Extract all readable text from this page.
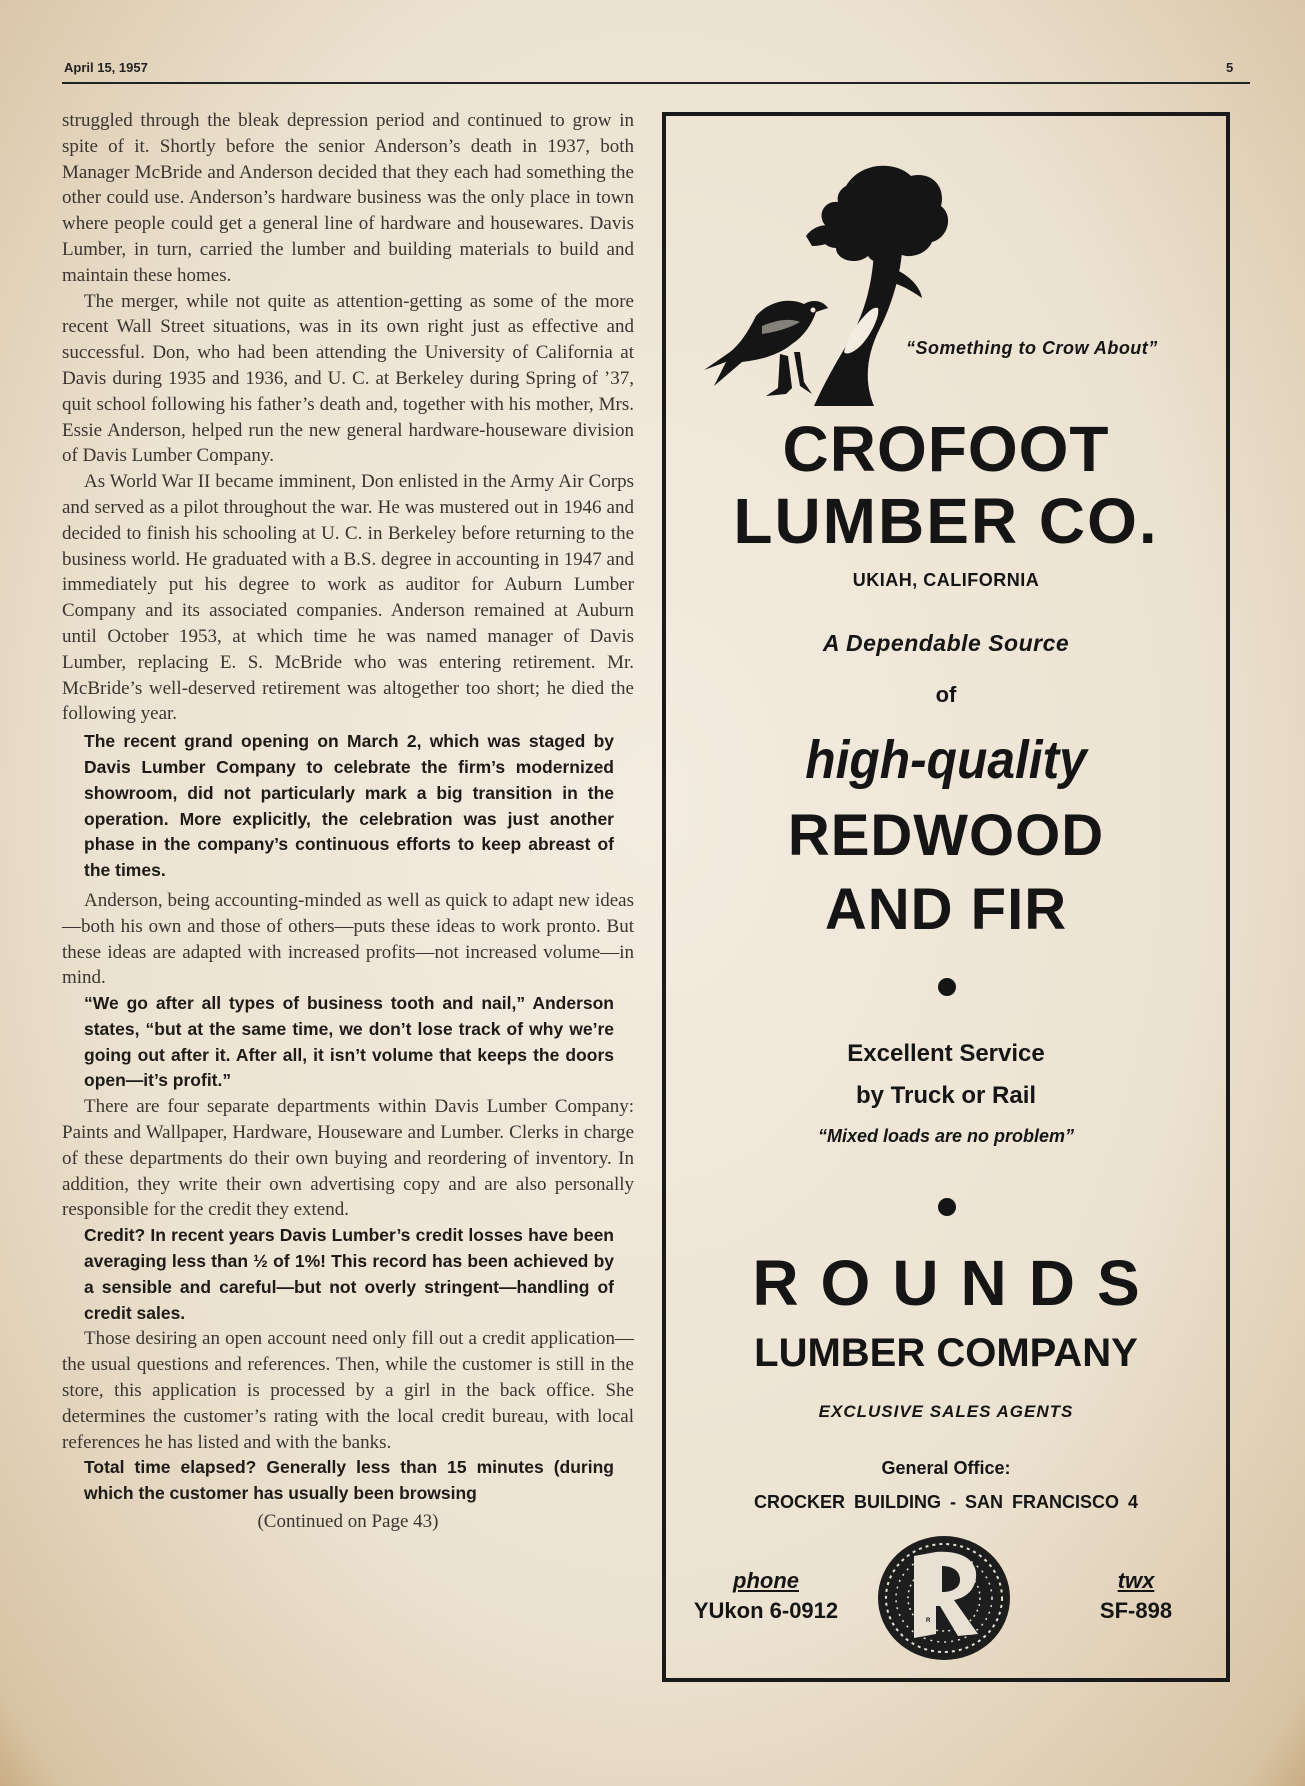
April 15, 1957	5

struggled through the bleak depression period and continued to grow in spite of it. Shortly before the senior Anderson’s death in 1937, both Manager McBride and Anderson decided that they each had something the other could use. Anderson’s hardware business was the only place in town where people could get a general line of hardware and housewares. Davis Lumber, in turn, carried the lumber and building materials to build and maintain these homes.

The merger, while not quite as attention-getting as some of the more recent Wall Street situations, was in its own right just as effective and successful. Don, who had been attending the University of California at Davis during 1935 and 1936, and U. C. at Berkeley during Spring of ’37, quit school following his father’s death and, together with his mother, Mrs. Essie Anderson, helped run the new general hardware-houseware division of Davis Lumber Company.

As World War II became imminent, Don enlisted in the Army Air Corps and served as a pilot throughout the war. He was mustered out in 1946 and decided to finish his schooling at U. C. in Berkeley before returning to the business world. He graduated with a B.S. degree in accounting in 1947 and immediately put his degree to work as auditor for Auburn Lumber Company and its associated companies. Anderson remained at Auburn until October 1953, at which time he was named manager of Davis Lumber, replacing E. S. McBride who was entering retirement. Mr. McBride’s well-deserved retirement was altogether too short; he died the following year.

The recent grand opening on March 2, which was staged by Davis Lumber Company to celebrate the firm’s modernized showroom, did not particularly mark a big transition in the operation. More explicitly, the celebration was just another phase in the company’s continuous efforts to keep abreast of the times.

Anderson, being accounting-minded as well as quick to adapt new ideas—both his own and those of others—puts these ideas to work pronto. But these ideas are adapted with increased profits—not increased volume—in mind.

“We go after all types of business tooth and nail,” Anderson states, “but at the same time, we don’t lose track of why we’re going out after it. After all, it isn’t volume that keeps the doors open—it’s profit.”

There are four separate departments within Davis Lumber Company: Paints and Wallpaper, Hardware, Houseware and Lumber. Clerks in charge of these departments do their own buying and reordering of inventory. In addition, they write their own advertising copy and are also personally responsible for the credit they extend.

Credit? In recent years Davis Lumber’s credit losses have been averaging less than ½ of 1%! This record has been achieved by a sensible and careful—but not overly stringent—handling of credit sales.

Those desiring an open account need only fill out a credit application—the usual questions and references. Then, while the customer is still in the store, this application is processed by a girl in the back office. She determines the customer’s rating with the local credit bureau, with local references he has listed and with the banks.

Total time elapsed? Generally less than 15 minutes (during which the customer has usually been browsing

(Continued on Page 43)

“Something to Crow About”
CROFOOT
LUMBER CO.
UKIAH, CALIFORNIA
A Dependable Source
of
high-quality
REDWOOD
AND FIR
Excellent Service
by Truck or Rail
“Mixed loads are no problem”
ROUNDS
LUMBER COMPANY
EXCLUSIVE SALES AGENTS
General Office:
CROCKER BUILDING - SAN FRANCISCO 4
phone
YUkon 6-0912	R
twx
SF-898
